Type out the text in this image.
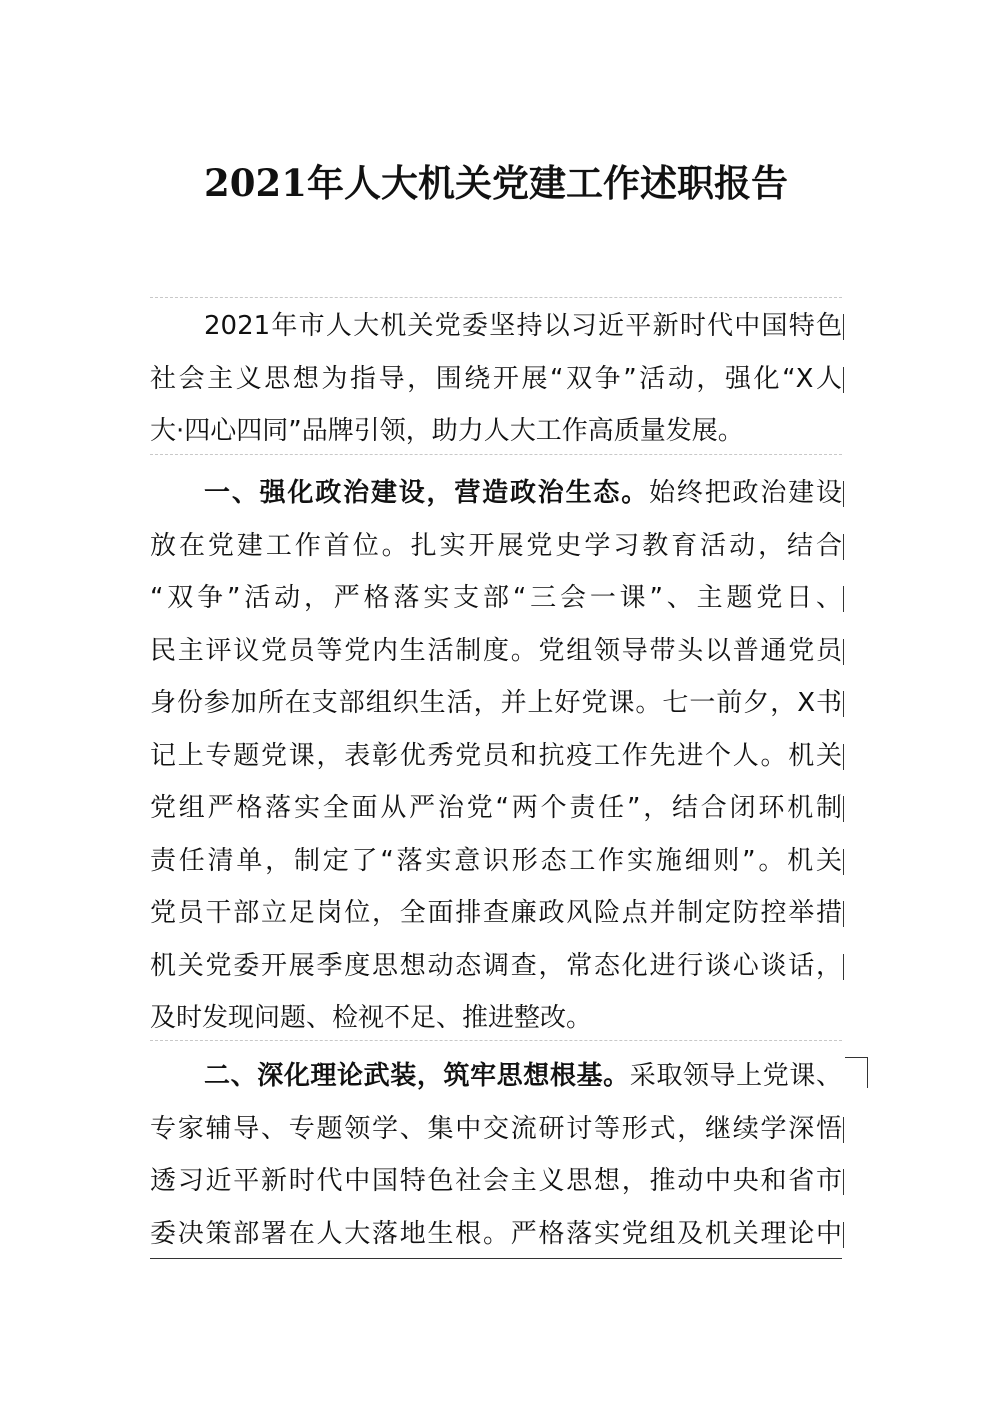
2021年人大机关党建工作述职报告
2021年市人大机关党委坚持以习近平新时代中国特色
社会主义思想为指导，围绕开展“双争”活动，强化“X人
大·四心四同”品牌引领，助力人大工作高质量发展。
一、强化政治建设，营造政治生态。始终把政治建设
放在党建工作首位。扎实开展党史学习教育活动，结合
“双争”活动，严格落实支部“三会一课”、主题党日、
民主评议党员等党内生活制度。党组领导带头以普通党员
身份参加所在支部组织生活，并上好党课。七一前夕，X书
记上专题党课，表彰优秀党员和抗疫工作先进个人。机关
党组严格落实全面从严治党“两个责任”，结合闭环机制
责任清单，制定了“落实意识形态工作实施细则”。机关
党员干部立足岗位，全面排查廉政风险点并制定防控举措
机关党委开展季度思想动态调查，常态化进行谈心谈话，
及时发现问题、检视不足、推进整改。
二、深化理论武装，筑牢思想根基。采取领导上党课、
专家辅导、专题领学、集中交流研讨等形式，继续学深悟
透习近平新时代中国特色社会主义思想，推动中央和省市
委决策部署在人大落地生根。严格落实党组及机关理论中
